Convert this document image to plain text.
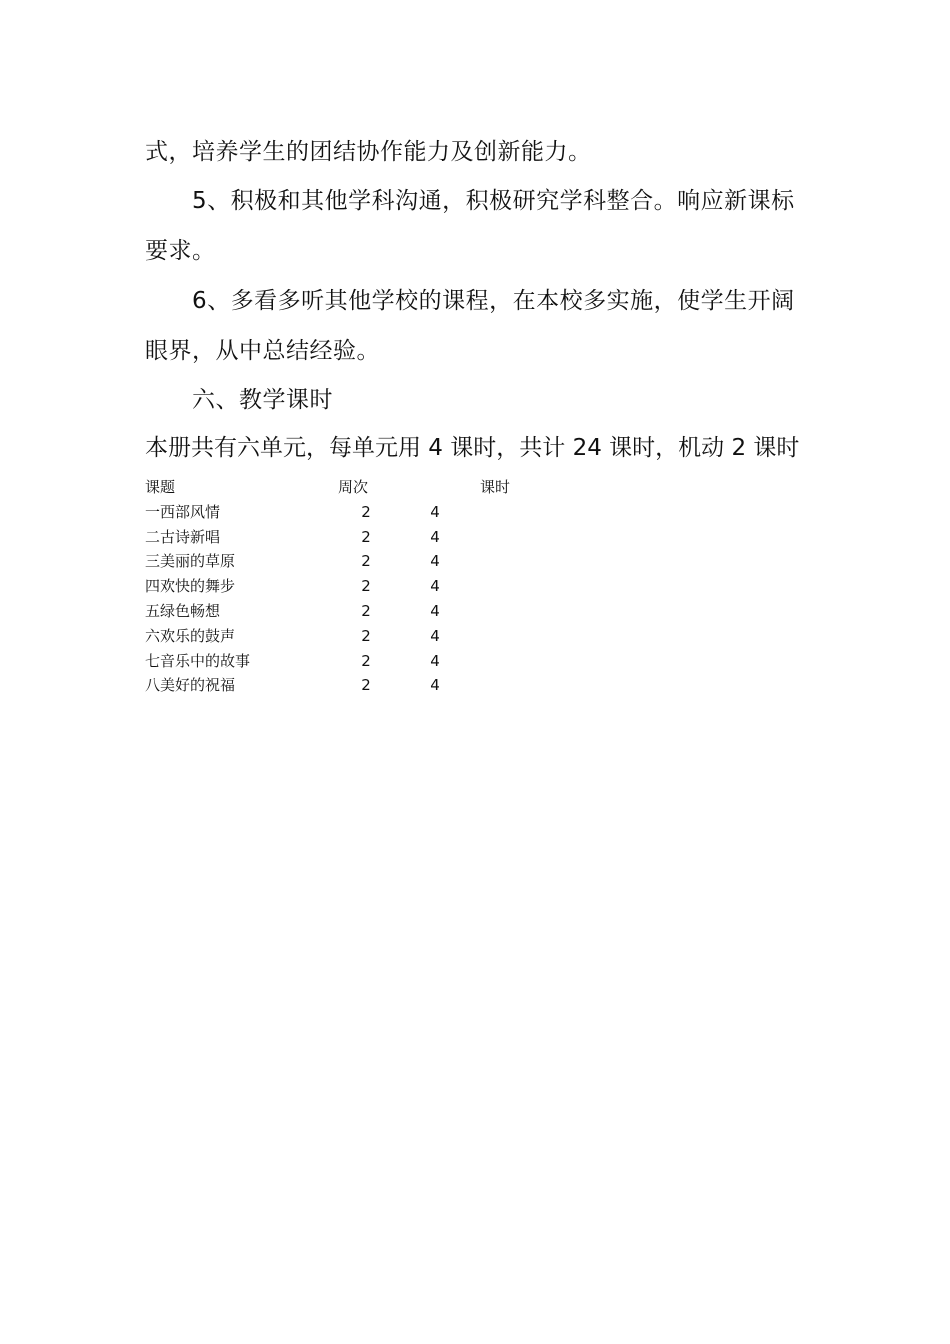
式，培养学生的团结协作能力及创新能力。
5、积极和其他学科沟通，积极研究学科整合。响应新课标
要求。
6、多看多听其他学校的课程，在本校多实施，使学生开阔
眼界，从中总结经验。
六、教学课时
本册共有六单元，每单元用 4 课时，共计 24 课时，机动 2 课时
课题	周次	课时
一西部风情	2	4
二古诗新唱	2	4
三美丽的草原	2	4
四欢快的舞步	2	4
五绿色畅想	2	4
六欢乐的鼓声	2	4
七音乐中的故事	2	4
八美好的祝福	2	4
